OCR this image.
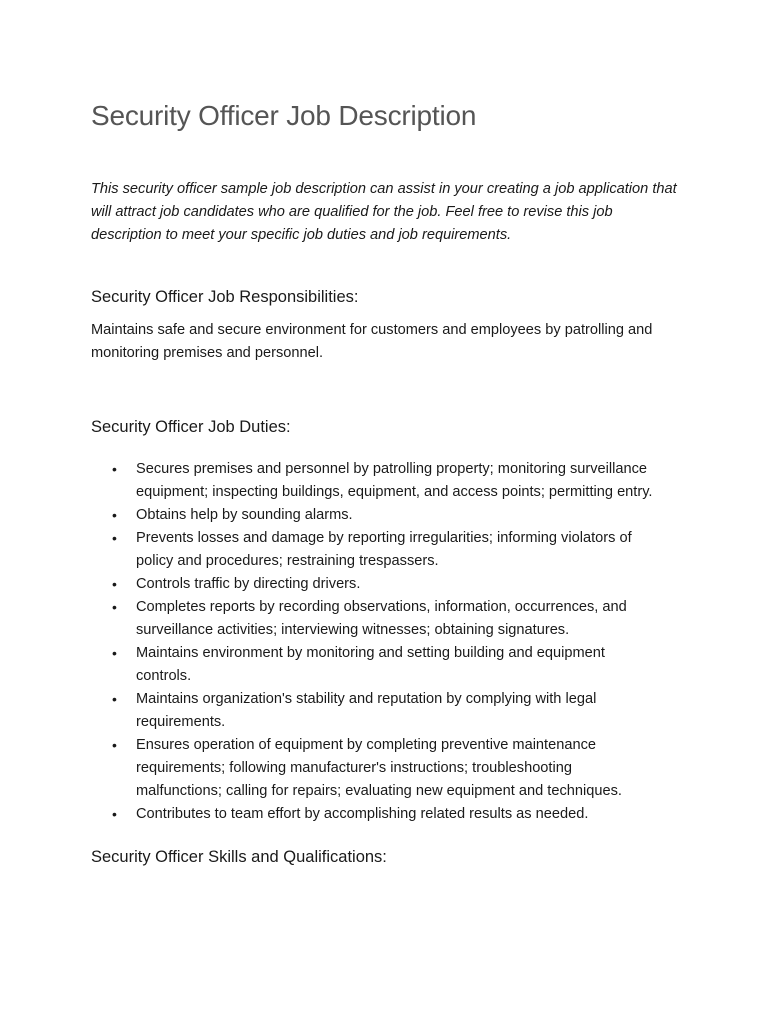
Security Officer Job Description

This security officer sample job description can assist in your creating a job application that will attract job candidates who are qualified for the job. Feel free to revise this job description to meet your specific job duties and job requirements.

Security Officer Job Responsibilities:

Maintains safe and secure environment for customers and employees by patrolling and monitoring premises and personnel.

Security Officer Job Duties:
• Secures premises and personnel by patrolling property; monitoring surveillance equipment; inspecting buildings, equipment, and access points; permitting entry.
• Obtains help by sounding alarms.
• Prevents losses and damage by reporting irregularities; informing violators of policy and procedures; restraining trespassers.
• Controls traffic by directing drivers.
• Completes reports by recording observations, information, occurrences, and surveillance activities; interviewing witnesses; obtaining signatures.
• Maintains environment by monitoring and setting building and equipment controls.
• Maintains organization's stability and reputation by complying with legal requirements.
• Ensures operation of equipment by completing preventive maintenance requirements; following manufacturer's instructions; troubleshooting malfunctions; calling for repairs; evaluating new equipment and techniques.
• Contributes to team effort by accomplishing related results as needed.
Security Officer Skills and Qualifications:
